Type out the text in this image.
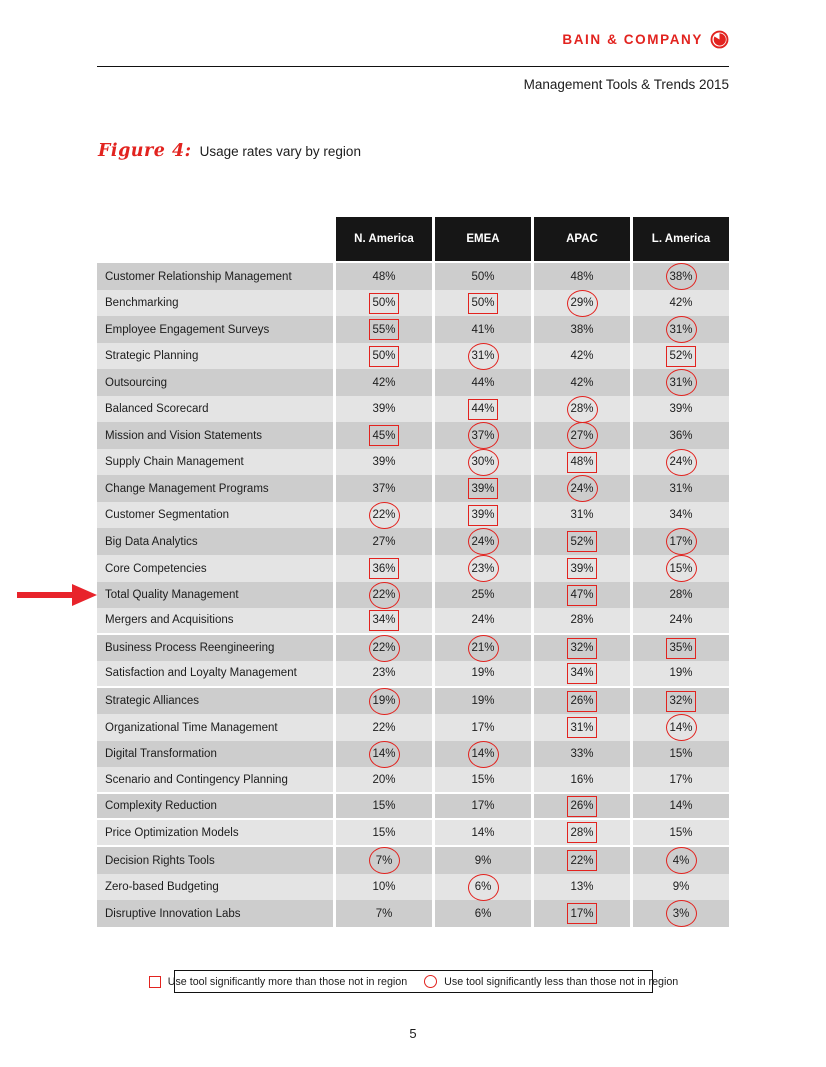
BAIN & COMPANY
Management Tools & Trends 2015
Figure 4: Usage rates vary by region
N. America	EMEA	APAC	L. America
Customer Relationship Management	48%	50%	48%	38%
Benchmarking	50%	50%	29%	42%
Employee Engagement Surveys	55%	41%	38%	31%
Strategic Planning	50%	31%	42%	52%
Outsourcing	42%	44%	42%	31%
Balanced Scorecard	39%	44%	28%	39%
Mission and Vision Statements	45%	37%	27%	36%
Supply Chain Management	39%	30%	48%	24%
Change Management Programs	37%	39%	24%	31%
Customer Segmentation	22%	39%	31%	34%
Big Data Analytics	27%	24%	52%	17%
Core Competencies	36%	23%	39%	15%
Total Quality Management	22%	25%	47%	28%
Mergers and Acquisitions	34%	24%	28%	24%
Business Process Reengineering	22%	21%	32%	35%
Satisfaction and Loyalty Management	23%	19%	34%	19%
Strategic Alliances	19%	19%	26%	32%
Organizational Time Management	22%	17%	31%	14%
Digital Transformation	14%	14%	33%	15%
Scenario and Contingency Planning	20%	15%	16%	17%
Complexity Reduction	15%	17%	26%	14%
Price Optimization Models	15%	14%	28%	15%
Decision Rights Tools	7%	9%	22%	4%
Zero-based Budgeting	10%	6%	13%	9%
Disruptive Innovation Labs	7%	6%	17%	3%
Use tool significantly more than those not in region	Use tool significantly less than those not in region
5
